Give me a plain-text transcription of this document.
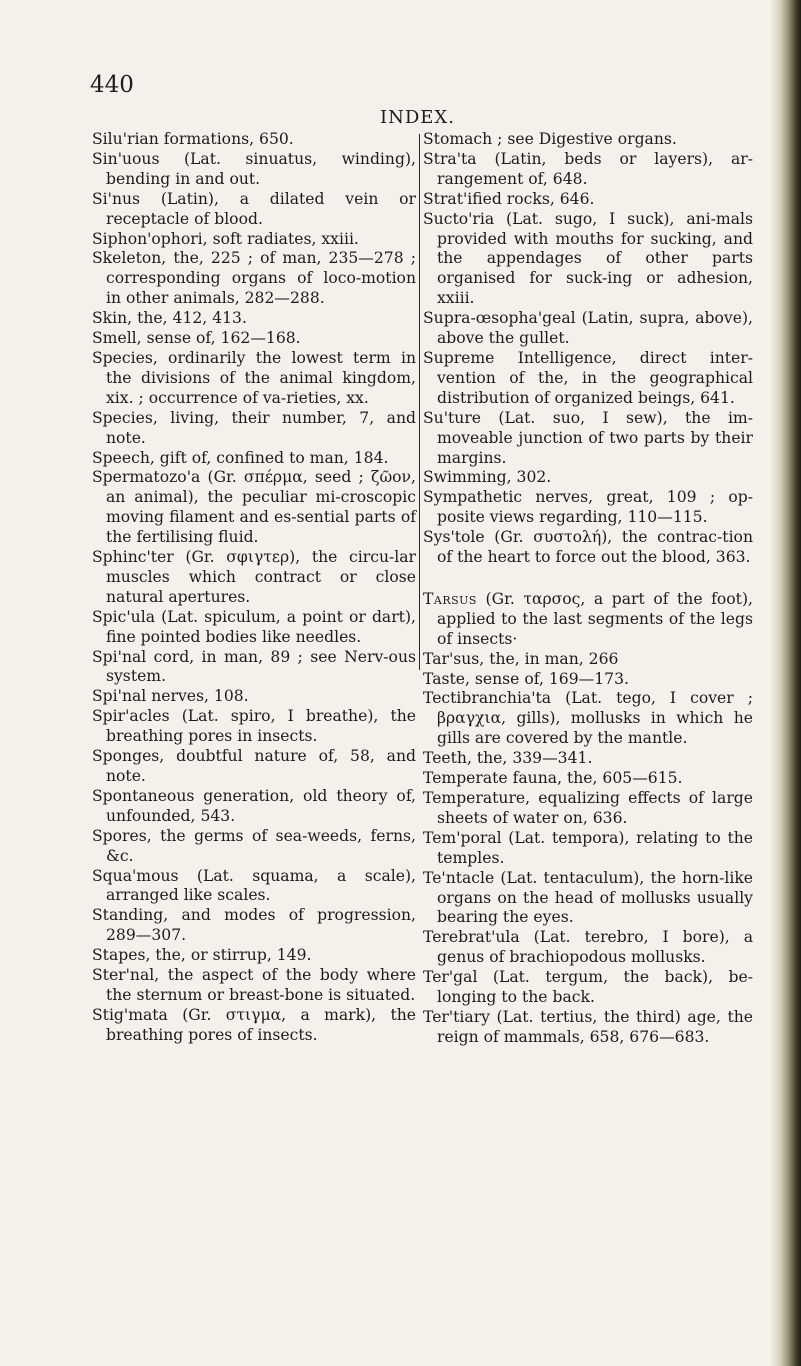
440
INDEX.

Silu'rian formations, 650.

Sin'uous (Lat. sinuatus, winding), bending in and out.

Si'nus (Latin), a dilated vein or receptacle of blood.

Siphon'ophori, soft radiates, xxiii.

Skeleton, the, 225 ; of man, 235—278 ; corresponding organs of loco-motion in other animals, 282—288.

Skin, the, 412, 413.

Smell, sense of, 162—168.

Species, ordinarily the lowest term in the divisions of the animal kingdom, xix. ; occurrence of va-rieties, xx.

Species, living, their number, 7, and note.

Speech, gift of, confined to man, 184.

Spermatozo'a (Gr. σπέρμα, seed ; ζῶον, an animal), the peculiar mi-croscopic moving filament and es-sential parts of the fertilising fluid.

Sphinc'ter (Gr. σφιγτερ), the circu-lar muscles which contract or close natural apertures.

Spic'ula (Lat. spiculum, a point or dart), fine pointed bodies like needles.

Spi'nal cord, in man, 89 ; see Nerv-ous system.

Spi'nal nerves, 108.

Spir'acles (Lat. spiro, I breathe), the breathing pores in insects.

Sponges, doubtful nature of, 58, and note.

Spontaneous generation, old theory of, unfounded, 543.

Spores, the germs of sea-weeds, ferns, &c.

Squa'mous (Lat. squama, a scale), arranged like scales.

Standing, and modes of progression, 289—307.

Stapes, the, or stirrup, 149.

Ster'nal, the aspect of the body where the sternum or breast-bone is situated.

Stig'mata (Gr. στιγμα, a mark), the breathing pores of insects.

Stomach ; see Digestive organs.

Stra'ta (Latin, beds or layers), ar-rangement of, 648.

Strat'ified rocks, 646.

Sucto'ria (Lat. sugo, I suck), ani-mals provided with mouths for sucking, and the appendages of other parts organised for suck-ing or adhesion, xxiii.

Supra-œsopha'geal (Latin, supra, above), above the gullet.

Supreme Intelligence, direct inter-vention of the, in the geographical distribution of organized beings, 641.

Su'ture (Lat. suo, I sew), the im-moveable junction of two parts by their margins.

Swimming, 302.

Sympathetic nerves, great, 109 ; op-posite views regarding, 110—115.

Sys'tole (Gr. συστολή), the contrac-tion of the heart to force out the blood, 363.

Tarsus (Gr. ταρσος, a part of the foot), applied to the last segments of the legs of insects·

Tar'sus, the, in man, 266

Taste, sense of, 169—173.

Tectibranchia'ta (Lat. tego, I cover ; βραγχια, gills), mollusks in which he gills are covered by the mantle.

Teeth, the, 339—341.

Temperate fauna, the, 605—615.

Temperature, equalizing effects of large sheets of water on, 636.

Tem'poral (Lat. tempora), relating to the temples.

Te'ntacle (Lat. tentaculum), the horn-like organs on the head of mollusks usually bearing the eyes.

Terebrat'ula (Lat. terebro, I bore), a genus of brachiopodous mollusks.

Ter'gal (Lat. tergum, the back), be-longing to the back.

Ter'tiary (Lat. tertius, the third) age, the reign of mammals, 658, 676—683.
